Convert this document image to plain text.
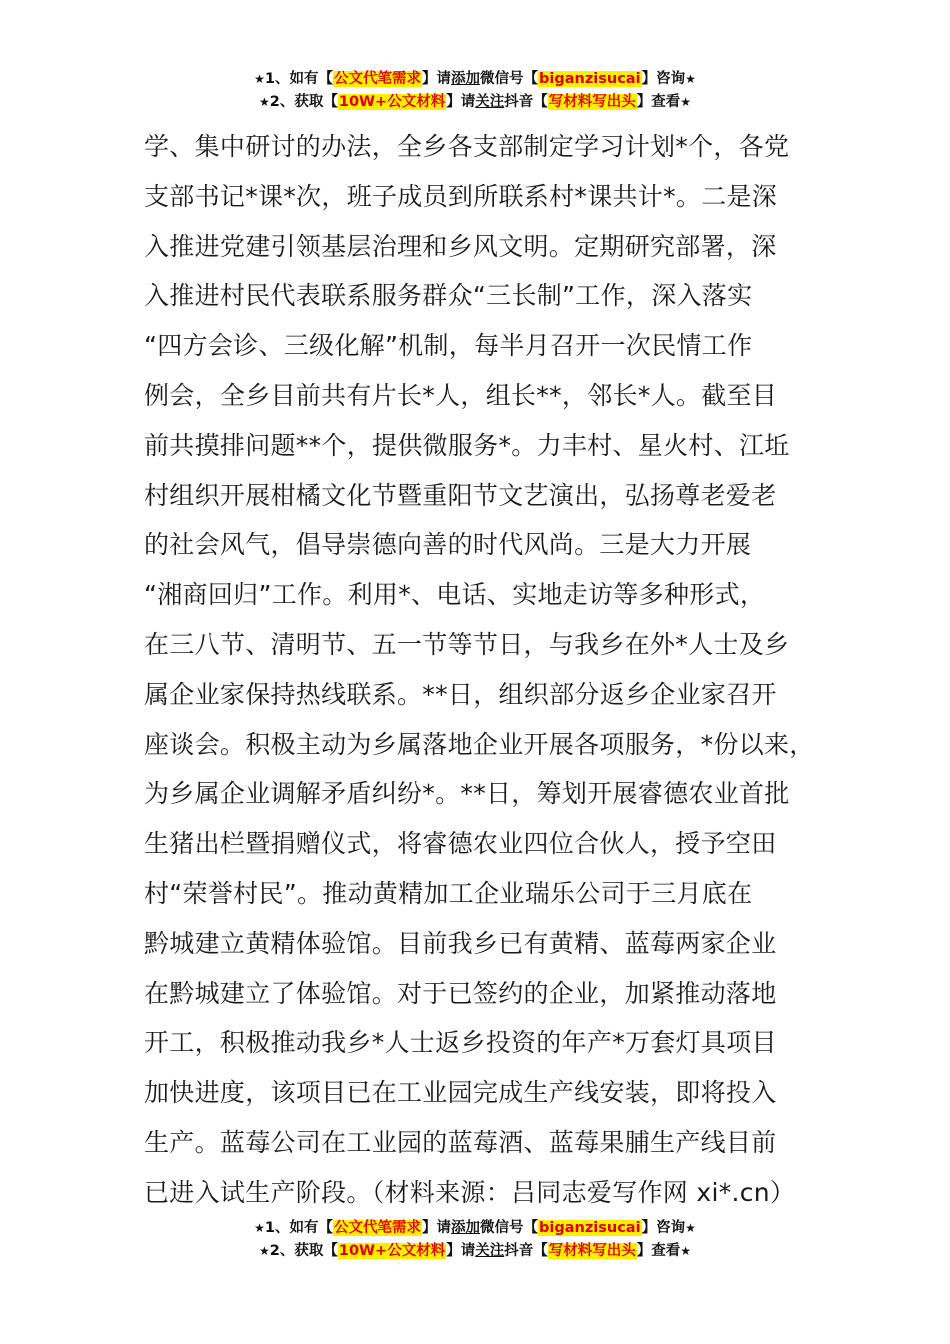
★1、如有【公文代笔需求】请添加微信号【biganzisucai】咨询★
★2、获取【10W+公文材料】请关注抖音【写材料写出头】查看★
学、集中研讨的办法，全乡各支部制定学习计划*个，各党
支部书记*课*次，班子成员到所联系村*课共计*。二是深
入推进党建引领基层治理和乡风文明。定期研究部署，深
入推进村民代表联系服务群众“三长制”工作，深入落实
“四方会诊、三级化解”机制，每半月召开一次民情工作
例会，全乡目前共有片长*人，组长**，邻长*人。截至目
前共摸排问题**个，提供微服务*。力丰村、星火村、江坵
村组织开展柑橘文化节暨重阳节文艺演出，弘扬尊老爱老
的社会风气，倡导崇德向善的时代风尚。三是大力开展
“湘商回归”工作。利用*、电话、实地走访等多种形式，
在三八节、清明节、五一节等节日，与我乡在外*人士及乡
属企业家保持热线联系。**日，组织部分返乡企业家召开
座谈会。积极主动为乡属落地企业开展各项服务，*份以来，
为乡属企业调解矛盾纠纷*。**日，筹划开展睿德农业首批
生猪出栏暨捐赠仪式，将睿德农业四位合伙人，授予空田
村“荣誉村民”。推动黄精加工企业瑞乐公司于三月底在
黔城建立黄精体验馆。目前我乡已有黄精、蓝莓两家企业
在黔城建立了体验馆。对于已签约的企业，加紧推动落地
开工，积极推动我乡*人士返乡投资的年产*万套灯具项目
加快进度，该项目已在工业园完成生产线安装，即将投入
生产。蓝莓公司在工业园的蓝莓酒、蓝莓果脯生产线目前
已进入试生产阶段。（材料来源：吕同志爱写作网 xi*.cn）
★1、如有【公文代笔需求】请添加微信号【biganzisucai】咨询★
★2、获取【10W+公文材料】请关注抖音【写材料写出头】查看★
